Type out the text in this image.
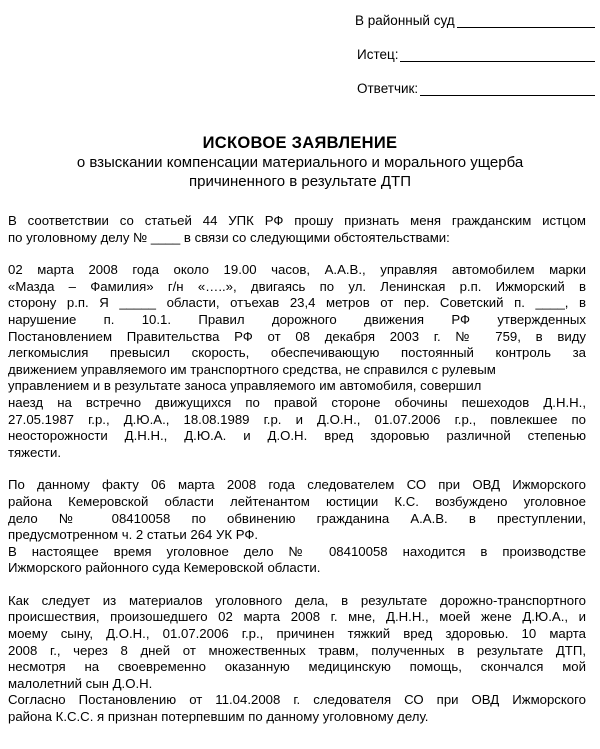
В районный суд
Истец:
Ответчик:
ИСКОВОЕ ЗАЯВЛЕНИЕ
о взыскании компенсации материального и морального ущерба
причиненного в результате ДТП
В соответствии со статьей 44 УПК РФ прошу признать меня гражданским истцом
по уголовному делу № ____ в связи со следующими обстоятельствами:
02 марта 2008 года около 19.00 часов, А.А.В., управляя автомобилем марки
«Мазда – Фамилия» г/н «…..», двигаясь по ул. Ленинская р.п. Ижморский в
сторону р.п. Я _____ области, отъехав 23,4 метров от пер. Советский п. ____, в
нарушение п. 10.1. Правил дорожного движения РФ утвержденных
Постановлением Правительства РФ от 08 декабря 2003 г. № 759, в виду
легкомыслия превысил скорость, обеспечивающую постоянный контроль за
движением управляемого им транспортного средства, не справился с рулевым
управлением и в результате заноса управляемого им автомобиля, совершил
наезд на встречно движущихся по правой стороне обочины пешеходов Д.Н.Н.,
27.05.1987 г.р., Д.Ю.А., 18.08.1989 г.р. и Д.О.Н., 01.07.2006 г.р., повлекшее по
неосторожности Д.Н.Н., Д.Ю.А. и Д.О.Н. вред здоровью различной степенью
тяжести.
По данному факту 06 марта 2008 года следователем СО при ОВД Ижморского
района Кемеровской области лейтенантом юстиции К.С. возбуждено уголовное
дело № 08410058 по обвинению гражданина А.А.В. в преступлении,
предусмотренном ч. 2 статьи 264 УК РФ.
В настоящее время уголовное дело № 08410058 находится в производстве
Ижморского районного суда Кемеровской области.
Как следует из материалов уголовного дела, в результате дорожно-транспортного
происшествия, произошедшего 02 марта 2008 г. мне, Д.Н.Н., моей жене Д.Ю.А., и
моему сыну, Д.О.Н., 01.07.2006 г.р., причинен тяжкий вред здоровью. 10 марта
2008 г., через 8 дней от множественных травм, полученных в результате ДТП,
несмотря на своевременно оказанную медицинскую помощь, скончался мой
малолетний сын Д.О.Н.
Согласно Постановлению от 11.04.2008 г. следователя СО при ОВД Ижморского
района К.С.С. я признан потерпевшим по данному уголовному делу.
